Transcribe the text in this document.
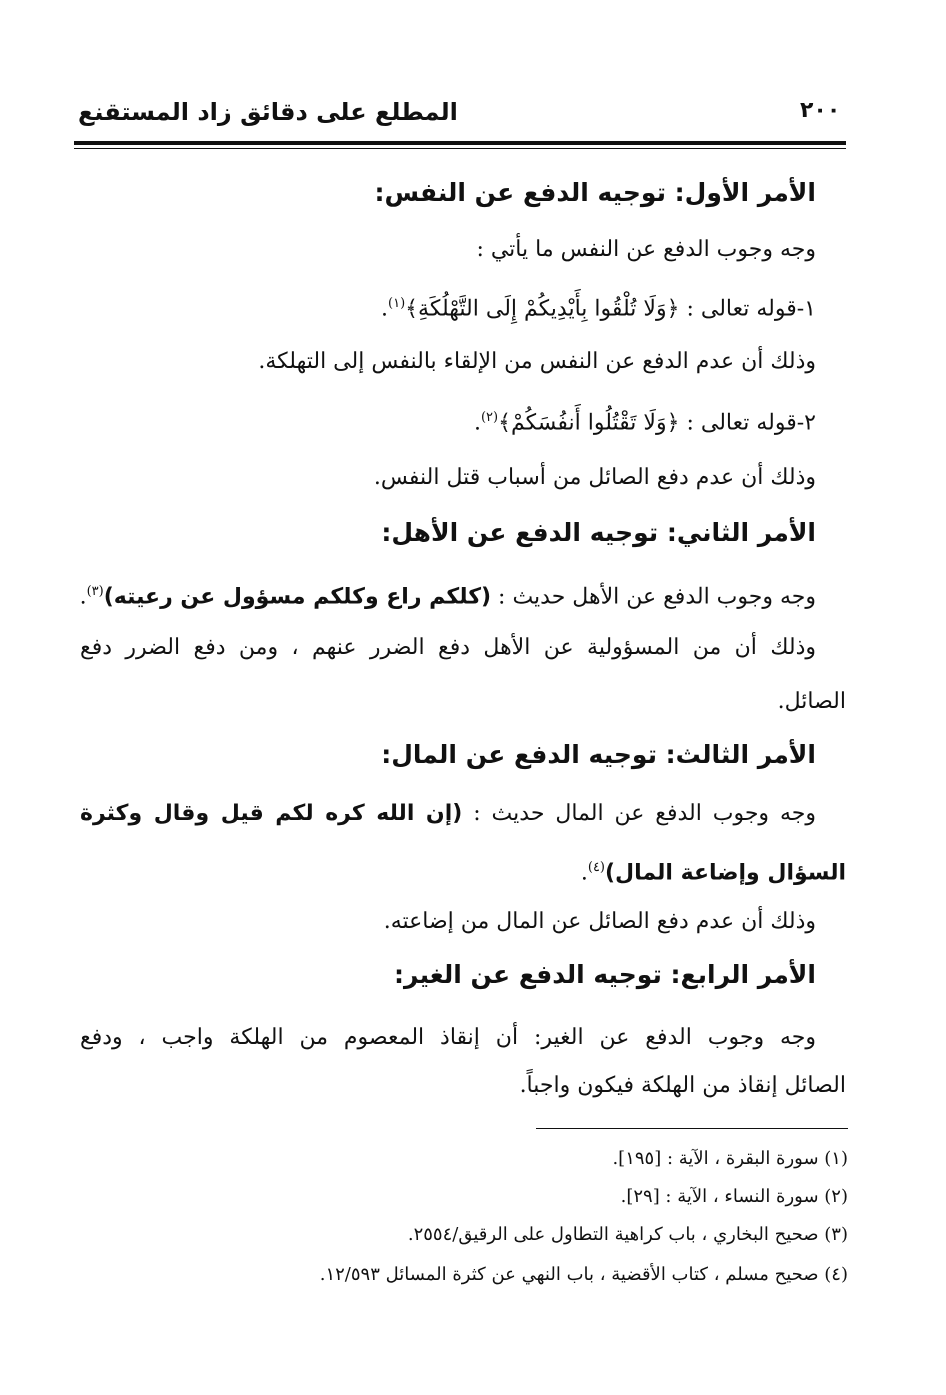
٢٠٠
المطلع على دقائق زاد المستقنع
الأمر الأول: توجيه الدفع عن النفس:
وجه وجوب الدفع عن النفس ما يأتي :
١-قوله تعالى : ﴿وَلَا تُلْقُوا بِأَيْدِيكُمْ إِلَى التَّهْلُكَةِ﴾$^{(١)}$.
وذلك أن عدم الدفع عن النفس من الإلقاء بالنفس إلى التهلكة.
٢-قوله تعالى : ﴿وَلَا تَقْتُلُوا أَنفُسَكُمْ﴾$^{(٢)}$.
وذلك أن عدم دفع الصائل من أسباب قتل النفس.
الأمر الثاني: توجيه الدفع عن الأهل:
وجه وجوب الدفع عن الأهل حديث : (كلكم راع وكلكم مسؤول عن رعيته)$^{(٣)}$.
وذلك أن من المسؤولية عن الأهل دفع الضرر عنهم ، ومن دفع الضرر دفع
الصائل.
الأمر الثالث: توجيه الدفع عن المال:
وجه وجوب الدفع عن المال حديث : (إن الله كره لكم قيل وقال وكثرة
السؤال وإضاعة المال)$^{(٤)}$.
وذلك أن عدم دفع الصائل عن المال من إضاعته.
الأمر الرابع: توجيه الدفع عن الغير:
وجه وجوب الدفع عن الغير: أن إنقاذ المعصوم من الهلكة واجب ، ودفع
الصائل إنقاذ من الهلكة فيكون واجباً.
(١) سورة البقرة ، الآية : [١٩٥].
(٢) سورة النساء ، الآية : [٢٩].
(٣) صحيح البخاري ، باب كراهية التطاول على الرقيق/٢٥٥٤.
(٤) صحيح مسلم ، كتاب الأقضية ، باب النهي عن كثرة المسائل ١٢/٥٩٣.
